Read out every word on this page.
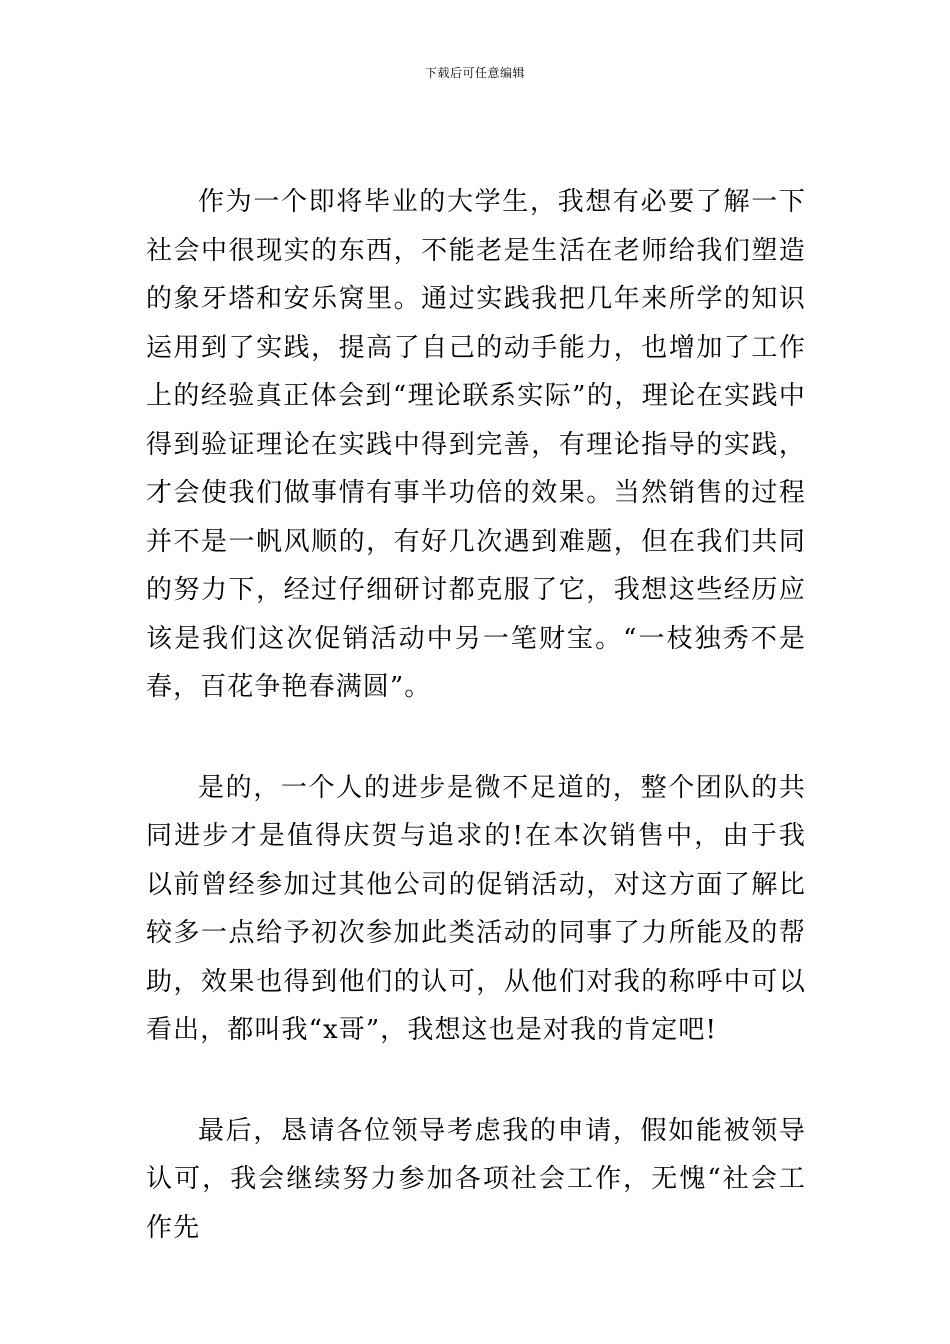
下载后可任意编辑

作为一个即将毕业的大学生，我想有必要了解一下社会中很现实的东西，不能老是生活在老师给我们塑造的象牙塔和安乐窝里。通过实践我把几年来所学的知识运用到了实践，提高了自己的动手能力，也增加了工作上的经验真正体会到“理论联系实际”的，理论在实践中得到验证理论在实践中得到完善，有理论指导的实践，才会使我们做事情有事半功倍的效果。当然销售的过程并不是一帆风顺的，有好几次遇到难题，但在我们共同的努力下，经过仔细研讨都克服了它，我想这些经历应该是我们这次促销活动中另一笔财宝。“一枝独秀不是春，百花争艳春满圆”。

是的，一个人的进步是微不足道的，整个团队的共同进步才是值得庆贺与追求的!在本次销售中，由于我以前曾经参加过其他公司的促销活动，对这方面了解比较多一点给予初次参加此类活动的同事了力所能及的帮助，效果也得到他们的认可，从他们对我的称呼中可以看出，都叫我“x哥”，我想这也是对我的肯定吧!

最后，恳请各位领导考虑我的申请，假如能被领导认可，我会继续努力参加各项社会工作，无愧“社会工作先
